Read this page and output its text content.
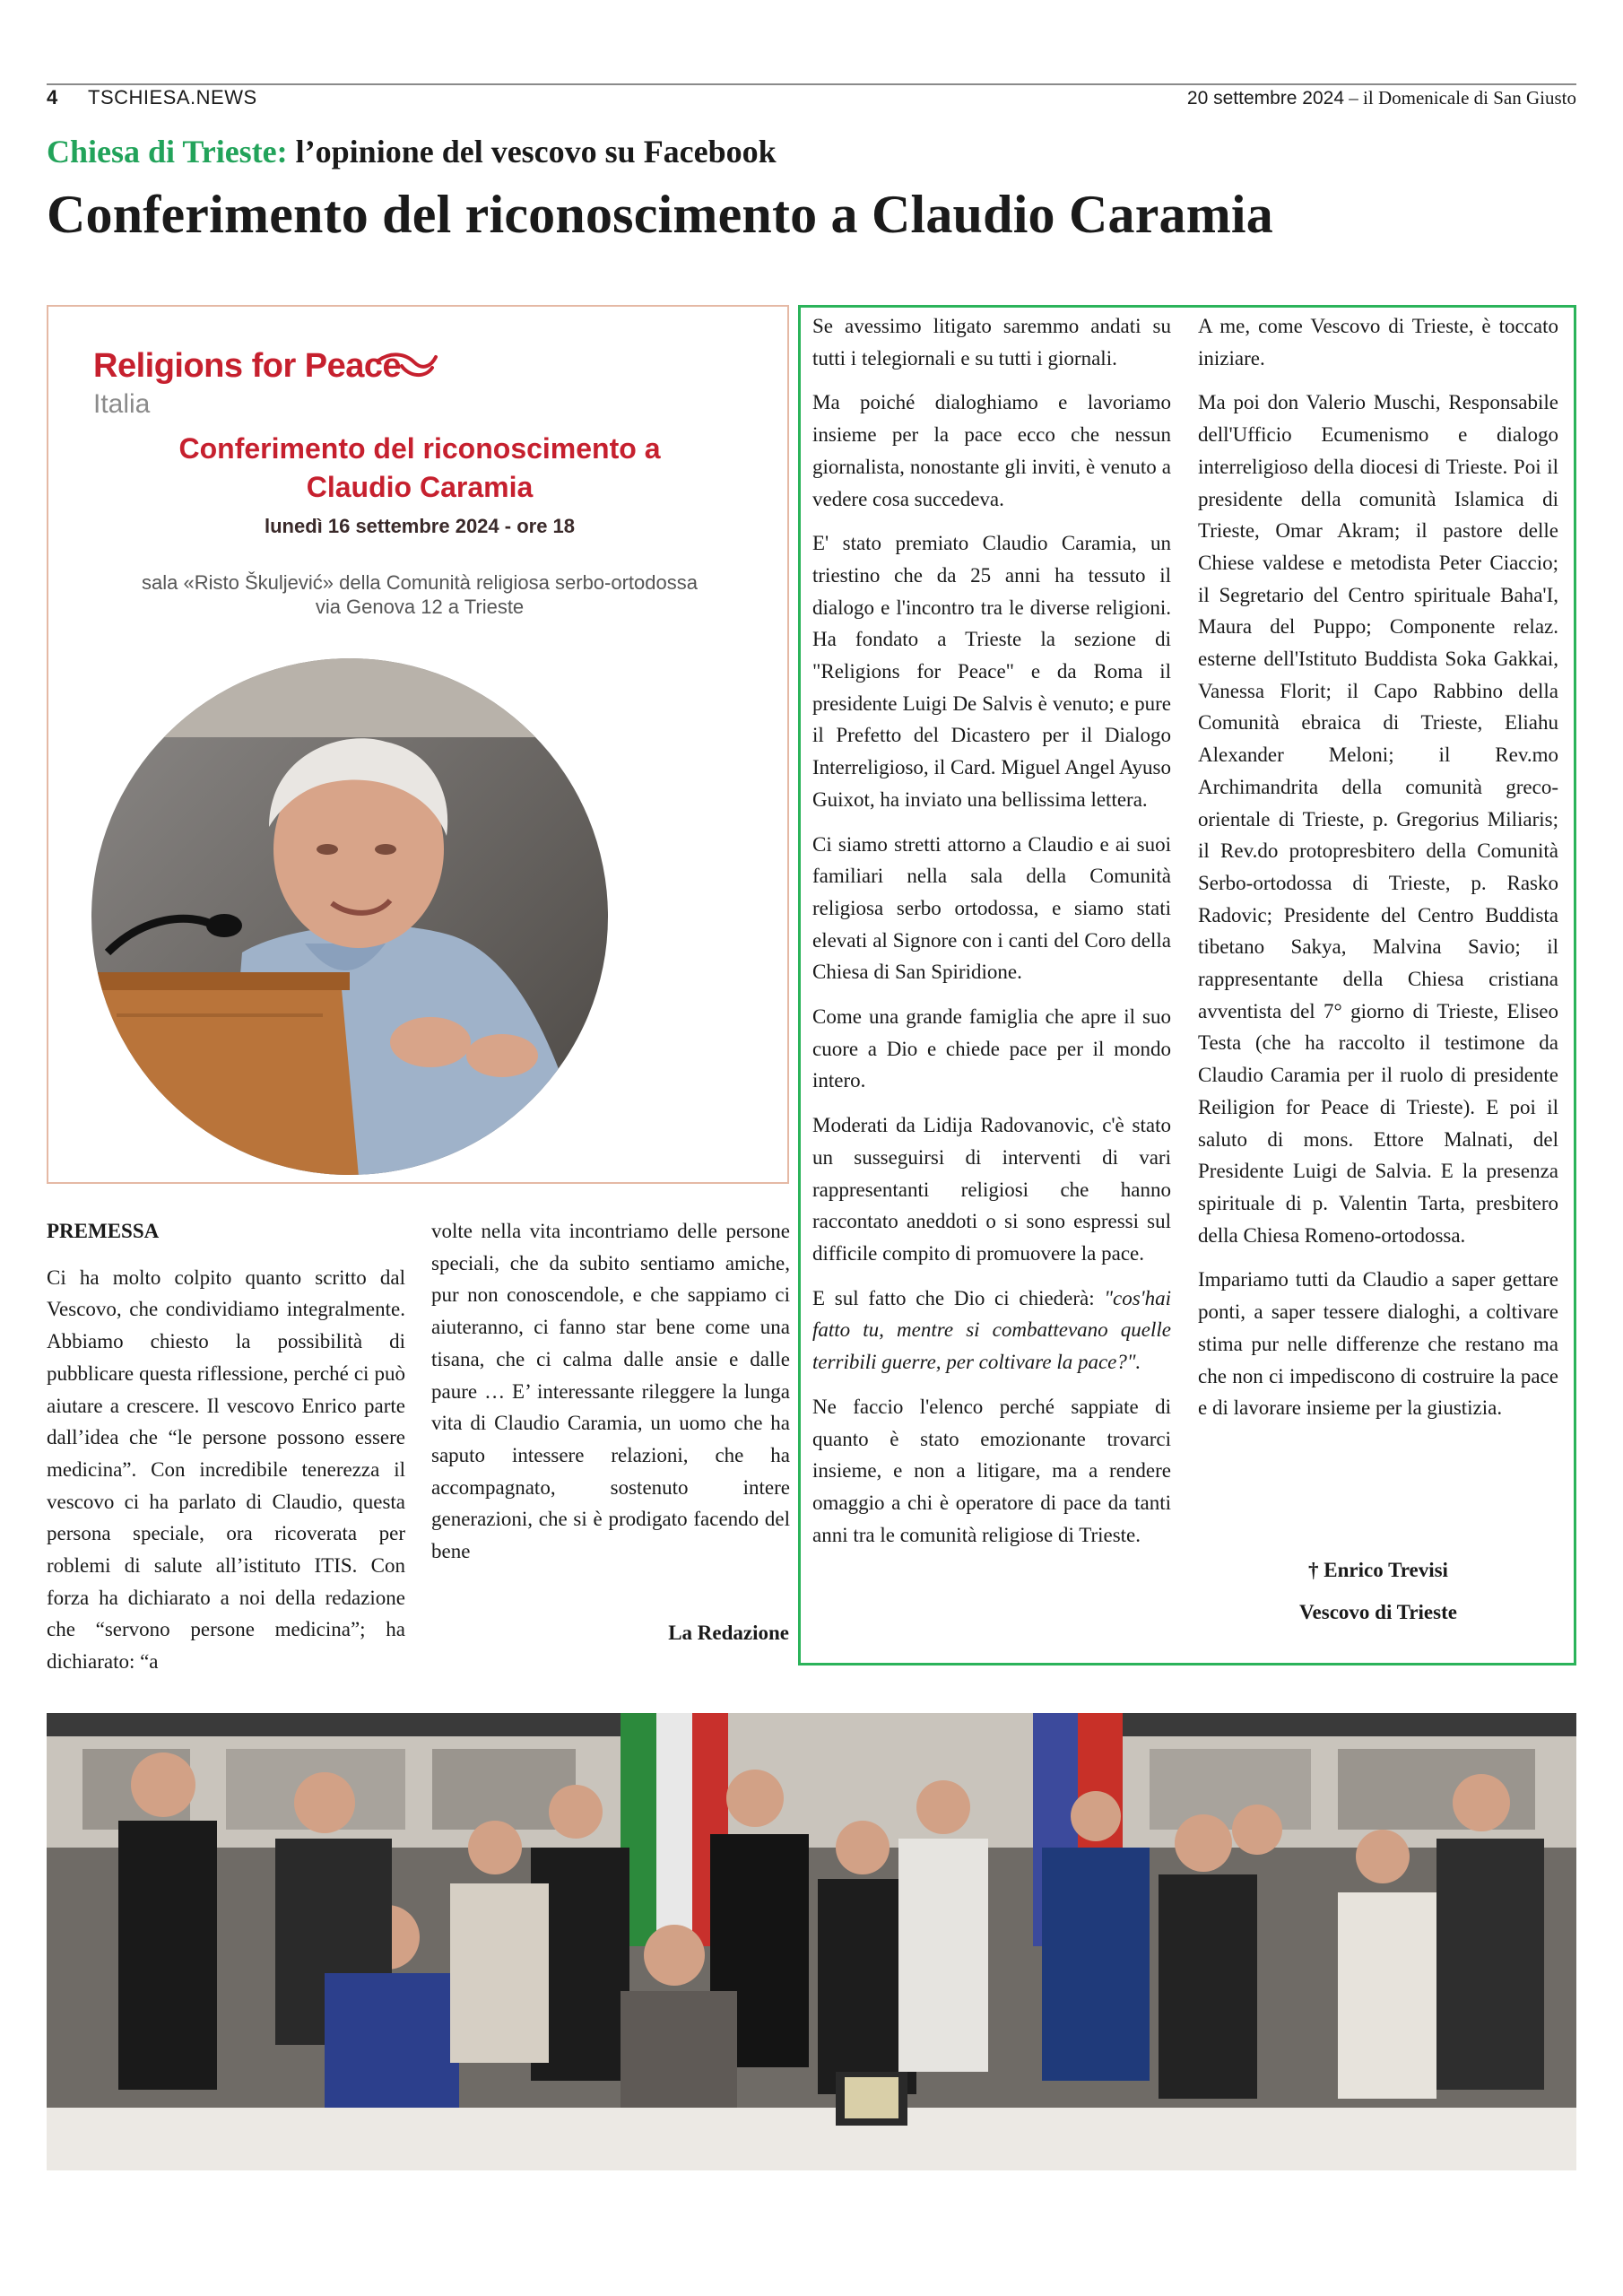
4 TSCHIESA.NEWS	20 settembre 2024 – il Domenicale di San Giusto
Chiesa di Trieste: l’opinione del vescovo su Facebook
Conferimento del riconoscimento a Claudio Caramia
Religions for Peace
Italia
Conferimento del riconoscimento a
Claudio Caramia
lunedì 16 settembre 2024 - ore 18
sala «Risto Škuljević» della Comunità religiosa serbo-ortodossa
via Genova 12 a Trieste
PREMESSA

Ci ha molto colpito quanto scritto dal Vescovo, che condividiamo integralmente. Abbiamo chiesto la possibilità di pubblicare questa riflessione, perché ci può aiutare a crescere. Il vescovo Enrico parte dall’idea che “le persone possono essere medicina”. Con incredibile tenerezza il vescovo ci ha parlato di Claudio, questa persona speciale, ora ricoverata per roblemi di salute all’istituto ITIS. Con forza ha dichiarato a noi della redazione che “servono persone medicina”; ha dichiarato: “a

volte nella vita incontriamo delle persone speciali, che da subito sentiamo amiche, pur non conoscendole, e che sappiamo ci aiuteranno, ci fanno star bene come una tisana, che ci calma dalle ansie e dalle paure … E’ interessante rileggere la lunga vita di Claudio Caramia, un uomo che ha saputo intessere relazioni, che ha accompagnato, sostenuto intere generazioni, che si è prodigato facendo del bene

La Redazione

Se avessimo litigato saremmo andati su tutti i telegiornali e su tutti i giornali.

Ma poiché dialoghiamo e lavoriamo insieme per la pace ecco che nessun giornalista, nonostante gli inviti, è venuto a vedere cosa succedeva.

E' stato premiato Claudio Caramia, un triestino che da 25 anni ha tessuto il dialogo e l'incontro tra le diverse religioni. Ha fondato a Trieste la sezione di "Religions for Peace" e da Roma il presidente Luigi De Salvis è venuto; e pure il Prefetto del Dicastero per il Dialogo Interreligioso, il Card. Miguel Angel Ayuso Guixot, ha inviato una bellissima lettera.

Ci siamo stretti attorno a Claudio e ai suoi familiari nella sala della Comunità religiosa serbo ortodossa, e siamo stati elevati al Signore con i canti del Coro della Chiesa di San Spiridione.

Come una grande famiglia che apre il suo cuore a Dio e chiede pace per il mondo intero.

Moderati da Lidija Radovanovic, c'è stato un susseguirsi di interventi di vari rappresentanti religiosi che hanno raccontato aneddoti o si sono espressi sul difficile compito di promuovere la pace.

E sul fatto che Dio ci chiederà: "cos'hai fatto tu, mentre si combattevano quelle terribili guerre, per coltivare la pace?".

Ne faccio l'elenco perché sappiate di quanto è stato emozionante trovarci insieme, e non a litigare, ma a rendere omaggio a chi è operatore di pace da tanti anni tra le comunità religiose di Trieste.

A me, come Vescovo di Trieste, è toccato iniziare.

Ma poi don Valerio Muschi, Responsabile dell'Ufficio Ecumenismo e dialogo interreligioso della diocesi di Trieste. Poi il presidente della comunità Islamica di Trieste, Omar Akram; il pastore delle Chiese valdese e metodista Peter Ciaccio; il Segretario del Centro spirituale Baha'I, Maura del Puppo; Componente relaz. esterne dell'Istituto Buddista Soka Gakkai, Vanessa Florit; il Capo Rabbino della Comunità ebraica di Trieste, Eliahu Alexander Meloni; il Rev.mo Archimandrita della comunità greco-orientale di Trieste, p. Gregorius Miliaris; il Rev.do protopresbitero della Comunità Serbo-ortodossa di Trieste, p. Rasko Radovic; Presidente del Centro Buddista tibetano Sakya, Malvina Savio; il rappresentante della Chiesa cristiana avventista del 7° giorno di Trieste, Eliseo Testa (che ha raccolto il testimone da Claudio Caramia per il ruolo di presidente Reiligion for Peace di Trieste). E poi il saluto di mons. Ettore Malnati, del Presidente Luigi de Salvia. E la presenza spirituale di p. Valentin Tarta, presbitero della Chiesa Romeno-ortodossa.

Impariamo tutti da Claudio a saper gettare ponti, a saper tessere dialoghi, a coltivare stima pur nelle differenze che restano ma che non ci impediscono di costruire la pace e di lavorare insieme per la giustizia.

† Enrico Trevisi
Vescovo di Trieste
